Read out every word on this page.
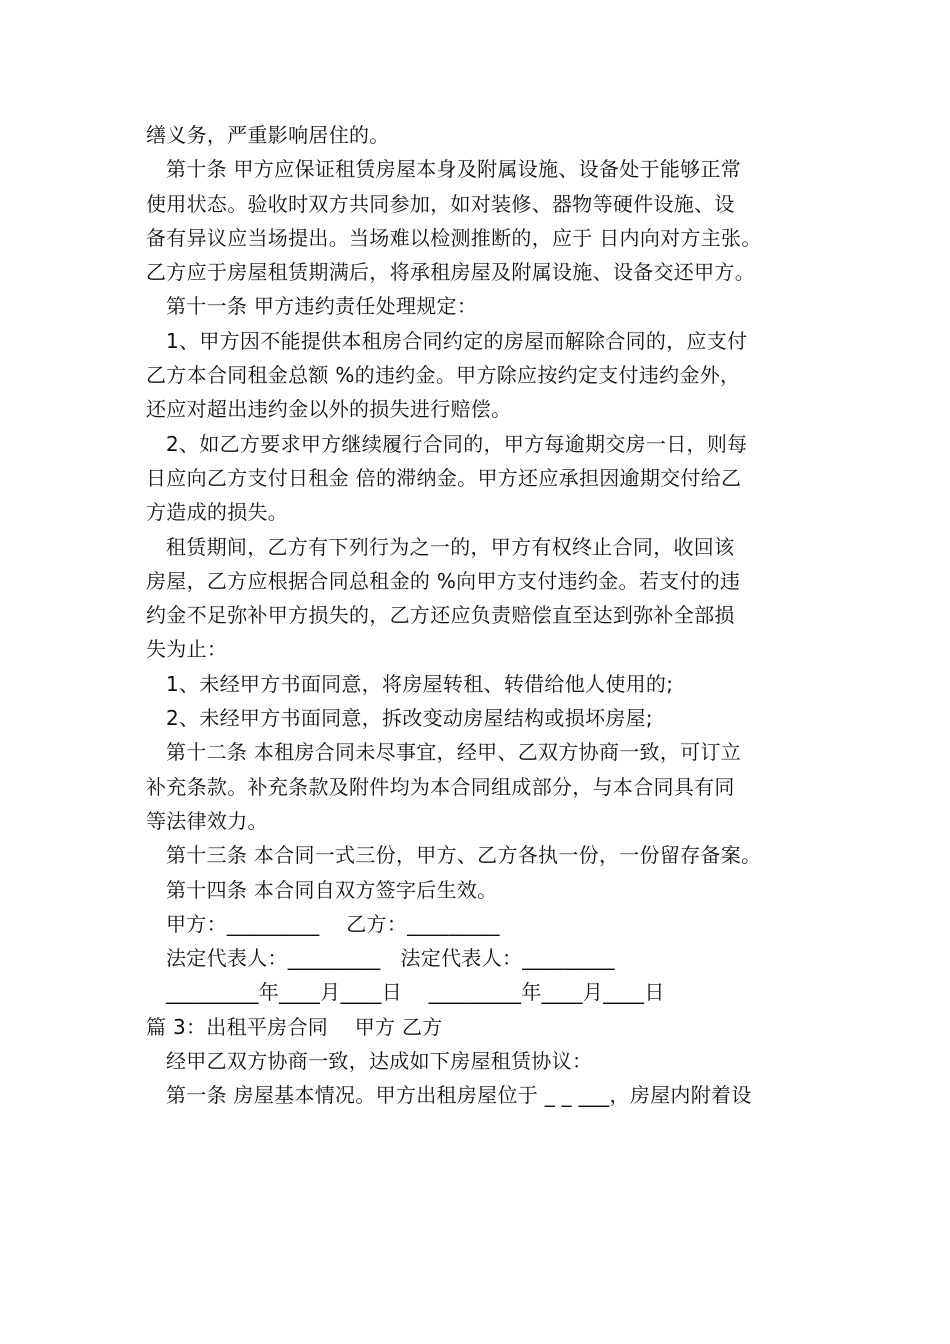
缮义务，严重影响居住的。

第十条 甲方应保证租赁房屋本身及附属设施、设备处于能够正常

使用状态。验收时双方共同参加，如对装修、器物等硬件设施、设

备有异议应当场提出。当场难以检测推断的，应于 日内向对方主张。

乙方应于房屋租赁期满后，将承租房屋及附属设施、设备交还甲方。

第十一条 甲方违约责任处理规定：

1、甲方因不能提供本租房合同约定的房屋而解除合同的，应支付

乙方本合同租金总额 %的违约金。甲方除应按约定支付违约金外，

还应对超出违约金以外的损失进行赔偿。

2、如乙方要求甲方继续履行合同的，甲方每逾期交房一日，则每

日应向乙方支付日租金 倍的滞纳金。甲方还应承担因逾期交付给乙

方造成的损失。

租赁期间，乙方有下列行为之一的，甲方有权终止合同，收回该

房屋，乙方应根据合同总租金的 %向甲方支付违约金。若支付的违

约金不足弥补甲方损失的，乙方还应负责赔偿直至达到弥补全部损

失为止：

1、未经甲方书面同意，将房屋转租、转借给他人使用的;

2、未经甲方书面同意，拆改变动房屋结构或损坏房屋;

第十二条 本租房合同未尽事宜，经甲、乙双方协商一致，可订立

补充条款。补充条款及附件均为本合同组成部分，与本合同具有同

等法律效力。

第十三条 本合同一式三份，甲方、乙方各执一份，一份留存备案。

第十四条 本合同自双方签字后生效。

甲方：_________    乙方：_________

法定代表人：_________   法定代表人：_________

_________年____月____日    _________年____月____日

篇 3：出租平房合同    甲方 乙方

经甲乙双方协商一致，达成如下房屋租赁协议：

第一条 房屋基本情况。甲方出租房屋位于 _ _ ___，房屋内附着设
